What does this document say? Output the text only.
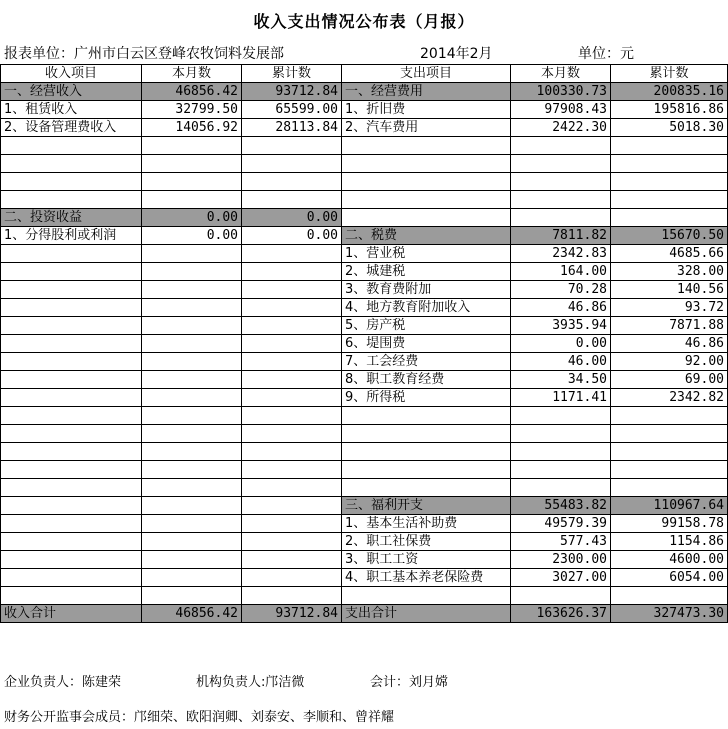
收入支出情况公布表（月报）
报表单位：广州市白云区登峰农牧饲料发展部	2014年2月	单位：元
收入项目	本月数	累计数	支出项目	本月数	累计数
一、经营收入	46856.42	93712.84	一、经营费用	100330.73	200835.16
1、租赁收入	32799.50	65599.00	1、折旧费	97908.43	195816.86
2、设备管理费收入	14056.92	28113.84	2、汽车费用	2422.30	5018.30

二、投资收益	0.00	0.00			
1、分得股利或利润	0.00	0.00	二、税费	7811.82	15670.50
			1、营业税	2342.83	4685.66
			2、城建税	164.00	328.00
			3、教育费附加	70.28	140.56
			4、地方教育附加收入	46.86	93.72
			5、房产税	3935.94	7871.88
			6、堤围费	0.00	46.86
			7、工会经费	46.00	92.00
			8、职工教育经费	34.50	69.00
			9、所得税	1171.41	2342.82

			三、福利开支	55483.82	110967.64
			1、基本生活补助费	49579.39	99158.78
			2、职工社保费	577.43	1154.86
			3、职工工资	2300.00	4600.00
			4、职工基本养老保险费	3027.00	6054.00

收入合计	46856.42	93712.84	支出合计	163626.37	327473.30
企业负责人：陈建荣	机构负责人:邝洁微	会计：刘月嫦
财务公开监事会成员：邝细荣、欧阳润卿、刘泰安、李顺和、曾祥耀
